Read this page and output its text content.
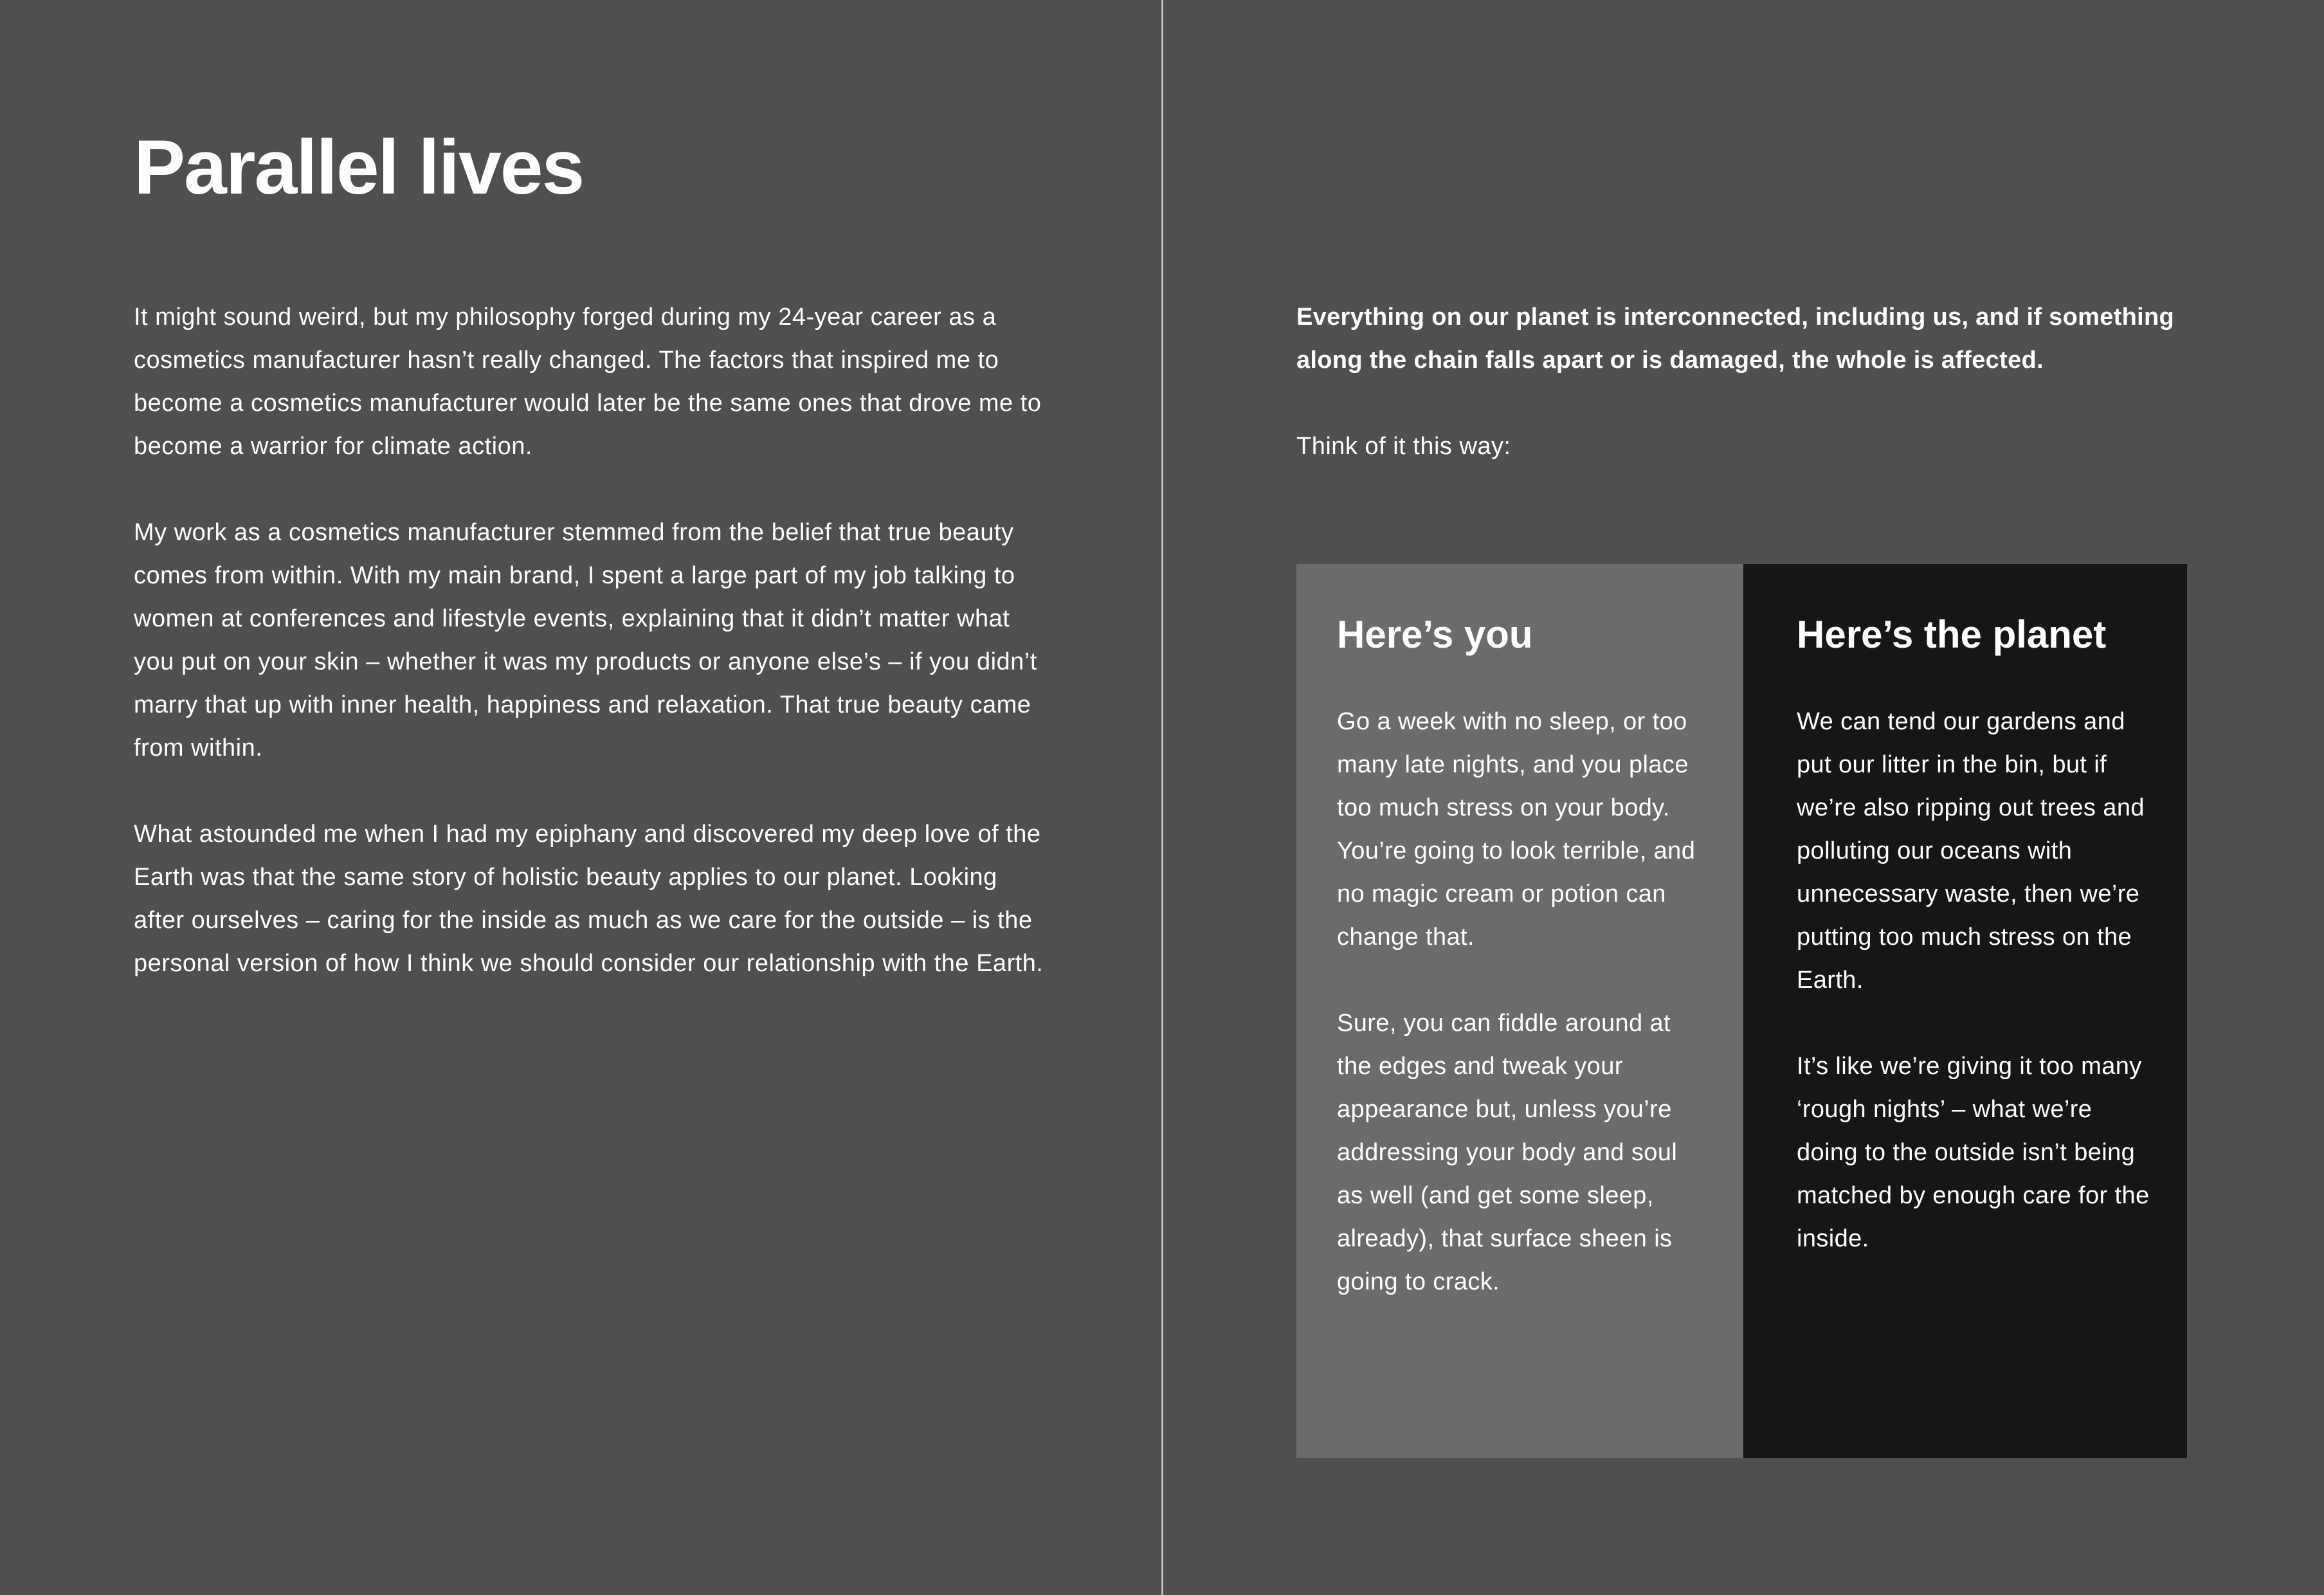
Parallel lives

It might sound weird, but my philosophy forged during my 24-year career as a cosmetics manufacturer hasn’t really changed. The factors that inspired me to become a cosmetics manufacturer would later be the same ones that drove me to become a warrior for climate action.

My work as a cosmetics manufacturer stemmed from the belief that true beauty comes from within. With my main brand, I spent a large part of my job talking to women at conferences and lifestyle events, explaining that it didn’t matter what you put on your skin – whether it was my products or anyone else’s – if you didn’t marry that up with inner health, happiness and relaxation. That true beauty came from within.

What astounded me when I had my epiphany and discovered my deep love of the Earth was that the same story of holistic beauty applies to our planet. Looking after ourselves – caring for the inside as much as we care for the outside – is the personal version of how I think we should consider our relationship with the Earth.

Everything on our planet is interconnected, including us, and if something along the chain falls apart or is damaged, the whole is affected.

Think of it this way:

Here’s you

Go a week with no sleep, or too many late nights, and you place too much stress on your body. You’re going to look terrible, and no magic cream or potion can change that.

Sure, you can fiddle around at the edges and tweak your appearance but, unless you’re addressing your body and soul as well (and get some sleep, already), that surface sheen is going to crack.

Here’s the planet

We can tend our gardens and put our litter in the bin, but if we’re also ripping out trees and polluting our oceans with unnecessary waste, then we’re putting too much stress on the Earth.

It’s like we’re giving it too many ‘rough nights’ – what we’re doing to the outside isn’t being matched by enough care for the inside.
